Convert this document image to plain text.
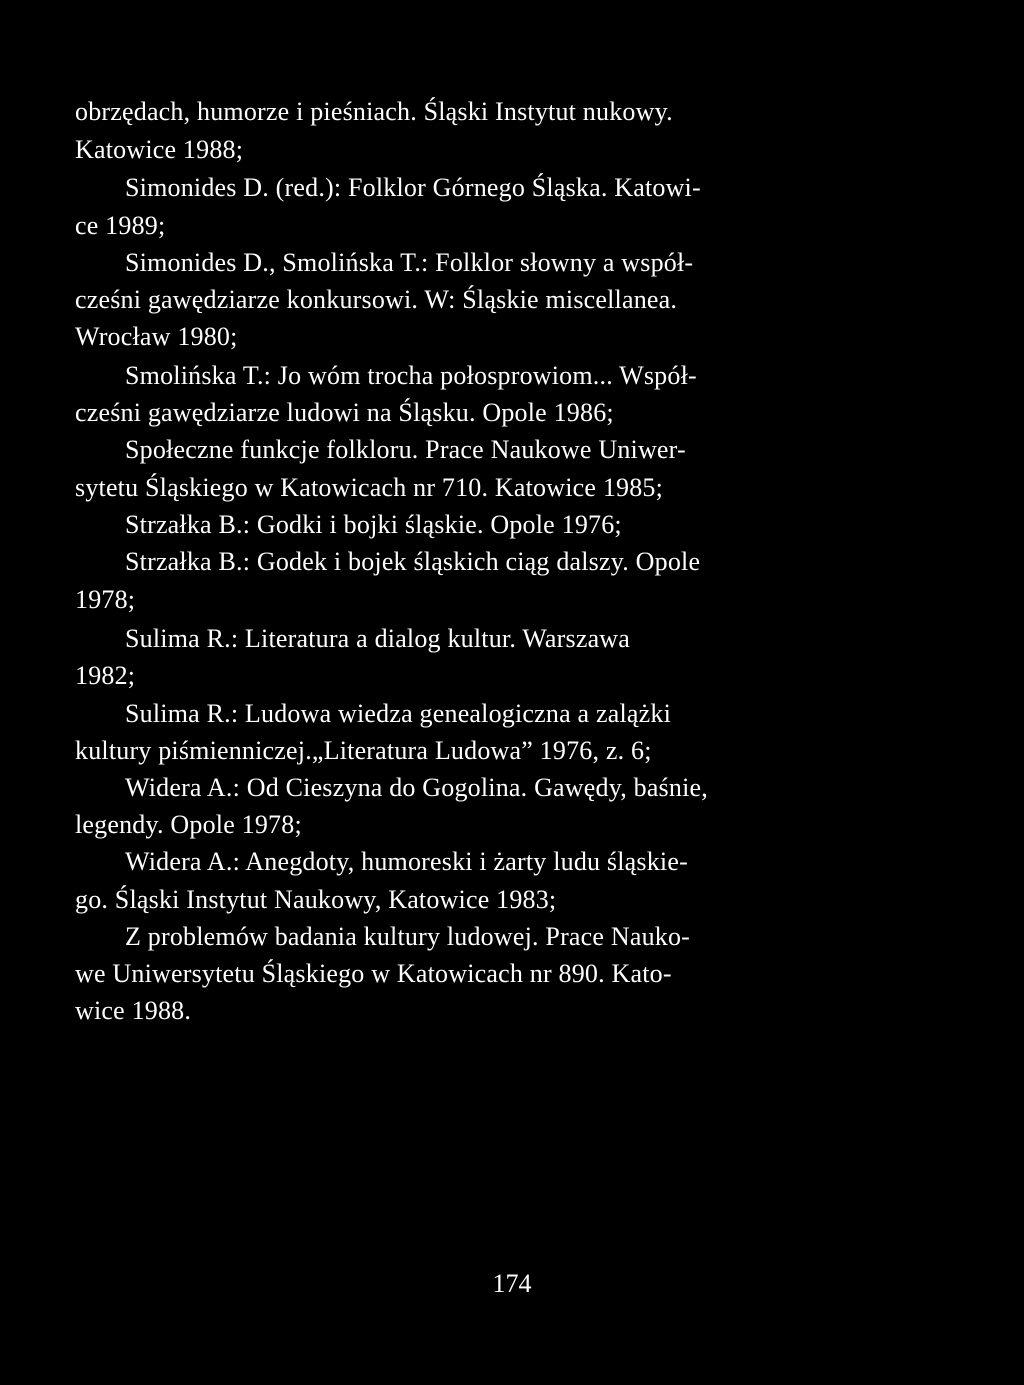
obrzędach, humorze i pieśniach. Śląski Instytut nukowy.
Katowice 1988;
Simonides D. (red.): Folklor Górnego Śląska. Katowi-
ce 1989;
Simonides D., Smolińska T.: Folklor słowny a współ-
cześni gawędziarze konkursowi. W: Śląskie miscellanea.
Wrocław 1980;
Smolińska T.: Jo wóm trocha połosprowiom... Współ-
cześni gawędziarze ludowi na Śląsku. Opole 1986;
Społeczne funkcje folkloru. Prace Naukowe Uniwer-
sytetu Śląskiego w Katowicach nr 710. Katowice 1985;
Strzałka B.: Godki i bojki śląskie. Opole 1976;
Strzałka B.: Godek i bojek śląskich ciąg dalszy. Opole
1978;
Sulima R.: Literatura a dialog kultur. Warszawa
1982;
Sulima R.: Ludowa wiedza genealogiczna a zalążki
kultury piśmienniczej.„Literatura Ludowa” 1976, z. 6;
Widera A.: Od Cieszyna do Gogolina. Gawędy, baśnie,
legendy. Opole 1978;
Widera A.: Anegdoty, humoreski i żarty ludu śląskie-
go. Śląski Instytut Naukowy, Katowice 1983;
Z problemów badania kultury ludowej. Prace Nauko-
we Uniwersytetu Śląskiego w Katowicach nr 890. Kato-
wice 1988.
174
